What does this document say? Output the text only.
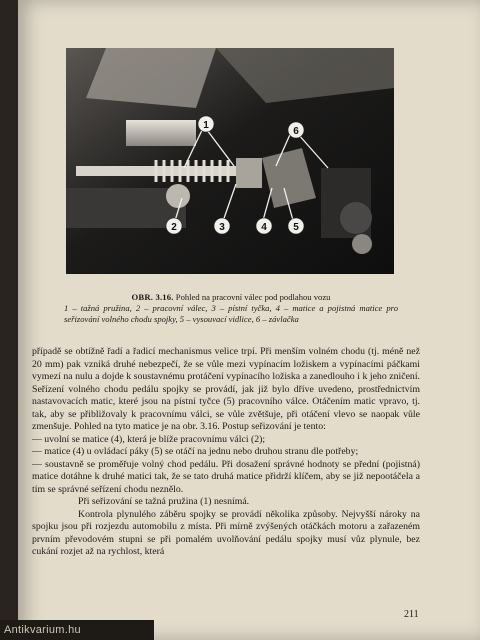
1
2	3	4	5
6
OBR. 3.16. Pohled na pracovní válec pod podlahou vozu
1 – tažná pružina, 2 – pracovní válec, 3 – pístní tyčka, 4 – matice a pojistná matice pro seřizování volného chodu spojky, 5 – vysouvací vidlice, 6 – závlačka

případě se obtížně řadí a řadicí mechanismus velice trpí. Při menším volném chodu (tj. méně než 20 mm) pak vzniká druhé nebezpečí, že se vůle mezi vypínacím ložiskem a vypínacími páčkami vymezí na nulu a dojde k soustavnému protáčení vypínacího ložiska a zanedlouho i k jeho zničení. Seřízení volného chodu pedálu spojky se provádí, jak již bylo dříve uvedeno, prostřednictvím nastavovacích matic, které jsou na pístní tyčce (5) pracovního válce. Otáčením matic vpravo, tj. tak, aby se přibližovaly k pracovnímu válci, se vůle zvětšuje, při otáčení vlevo se naopak vůle zmenšuje. Pohled na tyto matice je na obr. 3.16. Postup seřizování je tento:

— uvolní se matice (4), která je blíže pracovnímu válci (2);

— matice (4) u ovládací páky (5) se otáčí na jednu nebo druhou stranu dle potřeby;

— soustavně se proměřuje volný chod pedálu. Při dosažení správné hodnoty se přední (pojistná) matice dotáhne k druhé matici tak, že se tato druhá matice přidrží klíčem, aby se již nepootáčela a tím se správné seřízení chodu neznělo.

Při seřizování se tažná pružina (1) nesnímá.

Kontrola plynulého záběru spojky se provádí několika způsoby. Nejvyšší nároky na spojku jsou při rozjezdu automobilu z místa. Při mírně zvýšených otáčkách motoru a zařazeném prvním převodovém stupni se při pomalém uvolňování pedálu spojky musí vůz plynule, bez cukání rozjet až na rychlost, která

211
Antikvarium.hu
